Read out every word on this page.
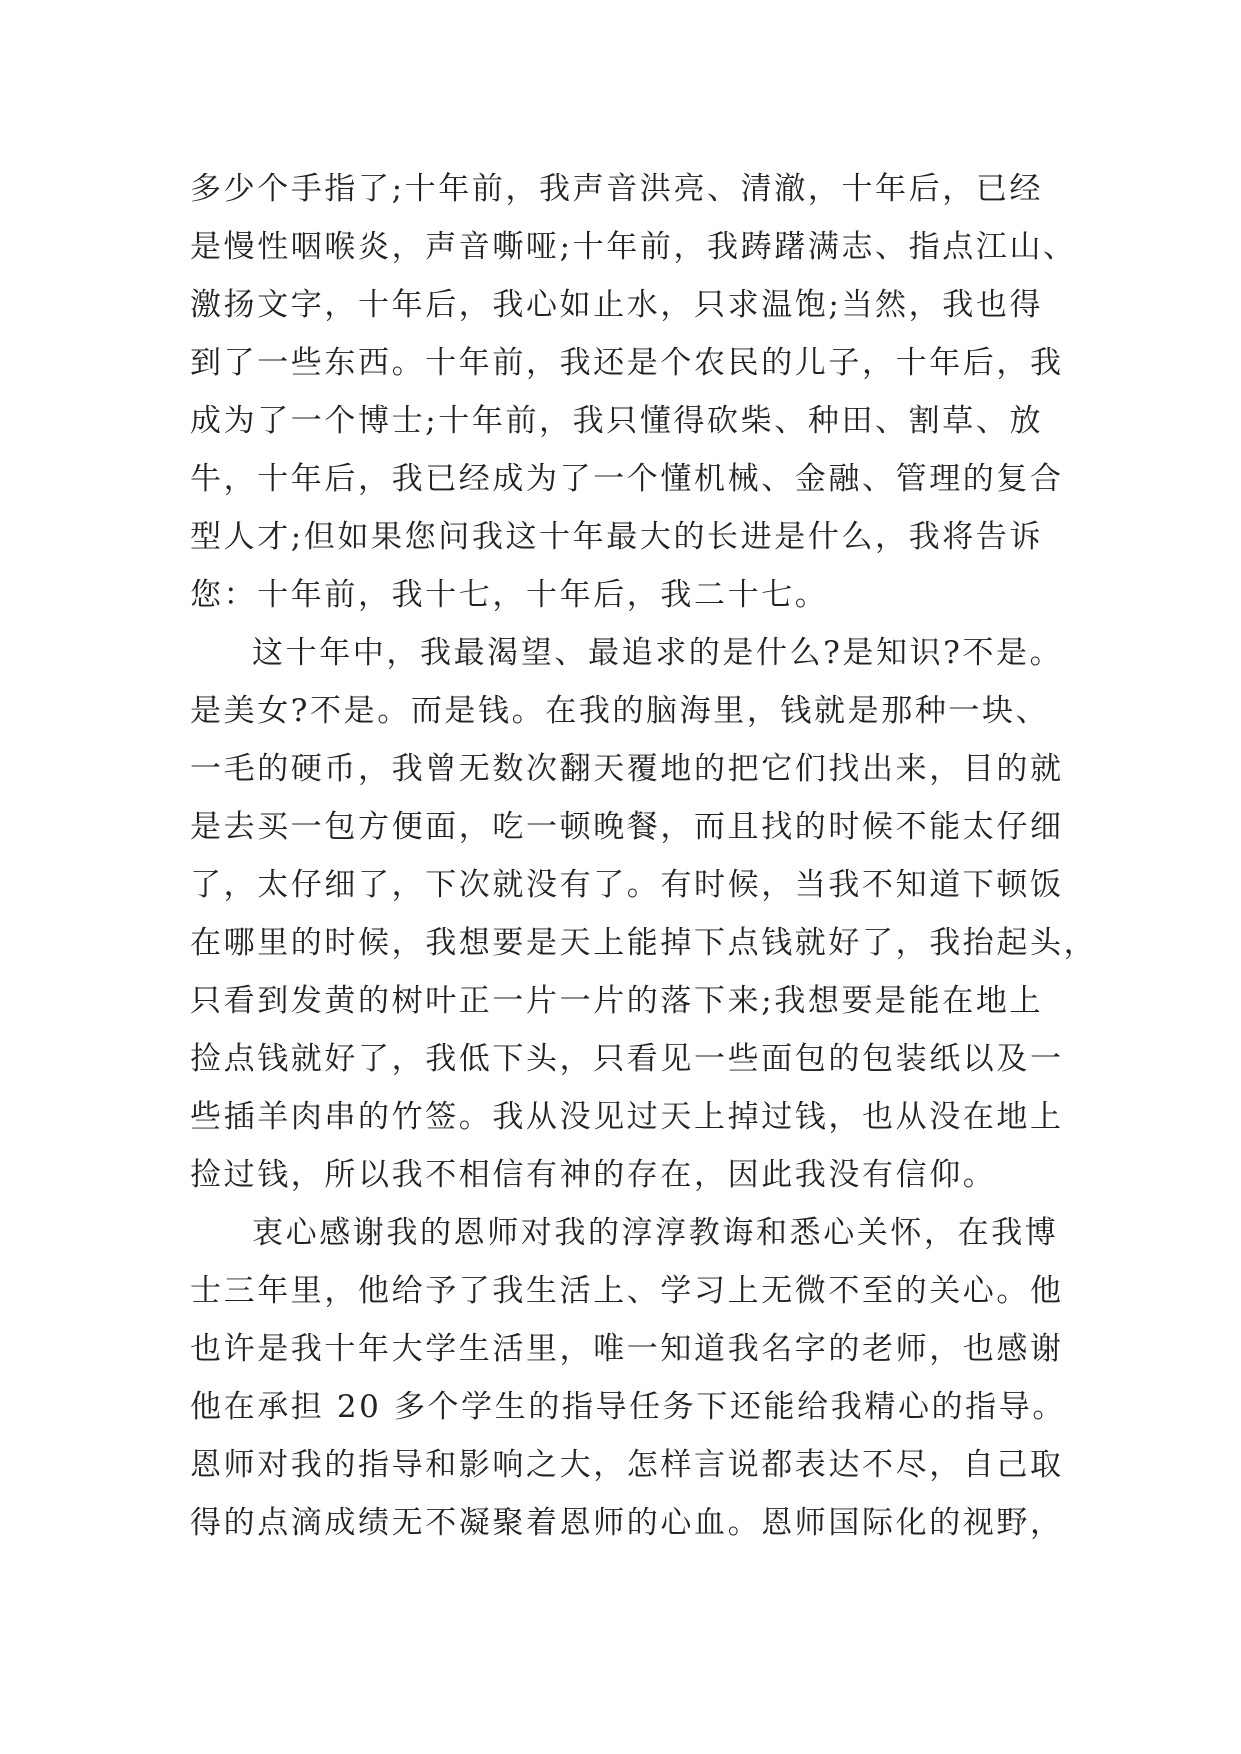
多少个手指了;十年前，我声音洪亮、清澈，十年后，已经
是慢性咽喉炎，声音嘶哑;十年前，我踌躇满志、指点江山、
激扬文字，十年后，我心如止水，只求温饱;当然，我也得
到了一些东西。十年前，我还是个农民的儿子，十年后，我
成为了一个博士;十年前，我只懂得砍柴、种田、割草、放
牛，十年后，我已经成为了一个懂机械、金融、管理的复合
型人才;但如果您问我这十年最大的长进是什么，我将告诉
您：十年前，我十七，十年后，我二十七。
这十年中，我最渴望、最追求的是什么?是知识?不是。
是美女?不是。而是钱。在我的脑海里，钱就是那种一块、
一毛的硬币，我曾无数次翻天覆地的把它们找出来，目的就
是去买一包方便面，吃一顿晚餐，而且找的时候不能太仔细
了，太仔细了，下次就没有了。有时候，当我不知道下顿饭
在哪里的时候，我想要是天上能掉下点钱就好了，我抬起头，
只看到发黄的树叶正一片一片的落下来;我想要是能在地上
捡点钱就好了，我低下头，只看见一些面包的包装纸以及一
些插羊肉串的竹签。我从没见过天上掉过钱，也从没在地上
捡过钱，所以我不相信有神的存在，因此我没有信仰。
衷心感谢我的恩师对我的淳淳教诲和悉心关怀，在我博
士三年里，他给予了我生活上、学习上无微不至的关心。他
也许是我十年大学生活里，唯一知道我名字的老师，也感谢
他在承担 20 多个学生的指导任务下还能给我精心的指导。
恩师对我的指导和影响之大，怎样言说都表达不尽，自己取
得的点滴成绩无不凝聚着恩师的心血。恩师国际化的视野，
